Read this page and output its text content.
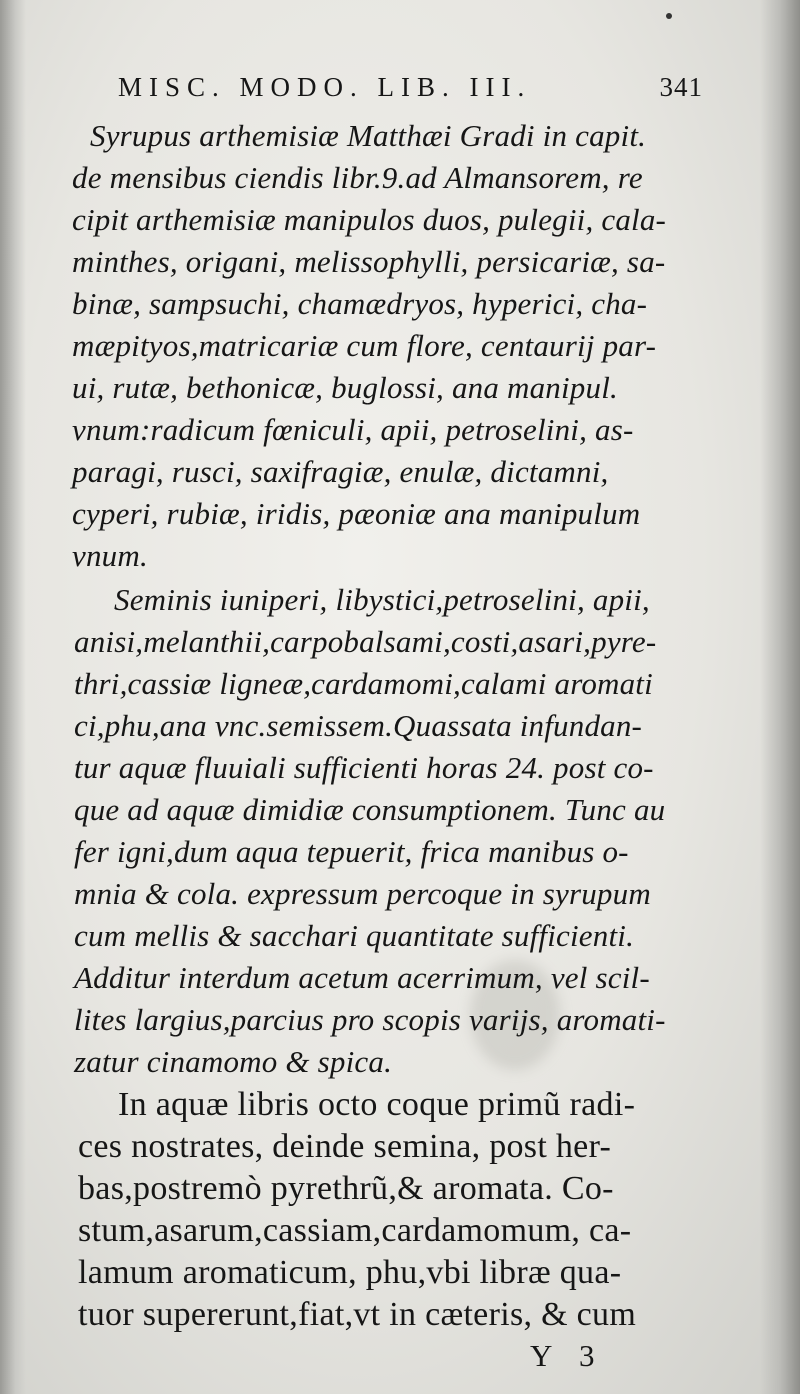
MISC. MODO. LIB. III.	341
Syrupus arthemisiæ Matthæi Gradi in capit.
de mensibus ciendis libr.9.ad Almansorem, re
cipit arthemisiæ manipulos duos, pulegii, cala-
minthes, origani, melissophylli, persicariæ, sa-
binæ, sampsuchi, chamædryos, hyperici, cha-
mæpityos,matricariæ cum flore, centaurij par-
ui, rutæ, bethonicæ, buglossi, ana manipul.
vnum:radicum fœniculi, apii, petroselini, as-
paragi, rusci, saxifragiæ, enulæ, dictamni,
cyperi, rubiæ, iridis, pæoniæ ana manipulum
vnum.
Seminis iuniperi, libystici,petroselini, apii,
anisi,melanthii,carpobalsami,costi,asari,pyre-
thri,cassiæ ligneæ,cardamomi,calami aromati
ci,phu,ana vnc.semissem.Quassata infundan-
tur aquæ fluuiali sufficienti horas 24. post co-
que ad aquæ dimidiæ consumptionem. Tunc au
fer igni,dum aqua tepuerit, frica manibus o-
mnia & cola. expressum percoque in syrupum
cum mellis & sacchari quantitate sufficienti.
Additur interdum acetum acerrimum, vel scil-
lites largius,parcius pro scopis varijs, aromati-
zatur cinamomo & spica.
In aquæ libris octo coque primũ radi-
ces nostrates, deinde semina, post her-
bas,postremò pyrethrũ,& aromata. Co-
stum,asarum,cassiam,cardamomum, ca-
lamum aromaticum, phu,vbi libræ qua-
tuor supererunt,fiat,vt in cæteris, & cum
Y 3
